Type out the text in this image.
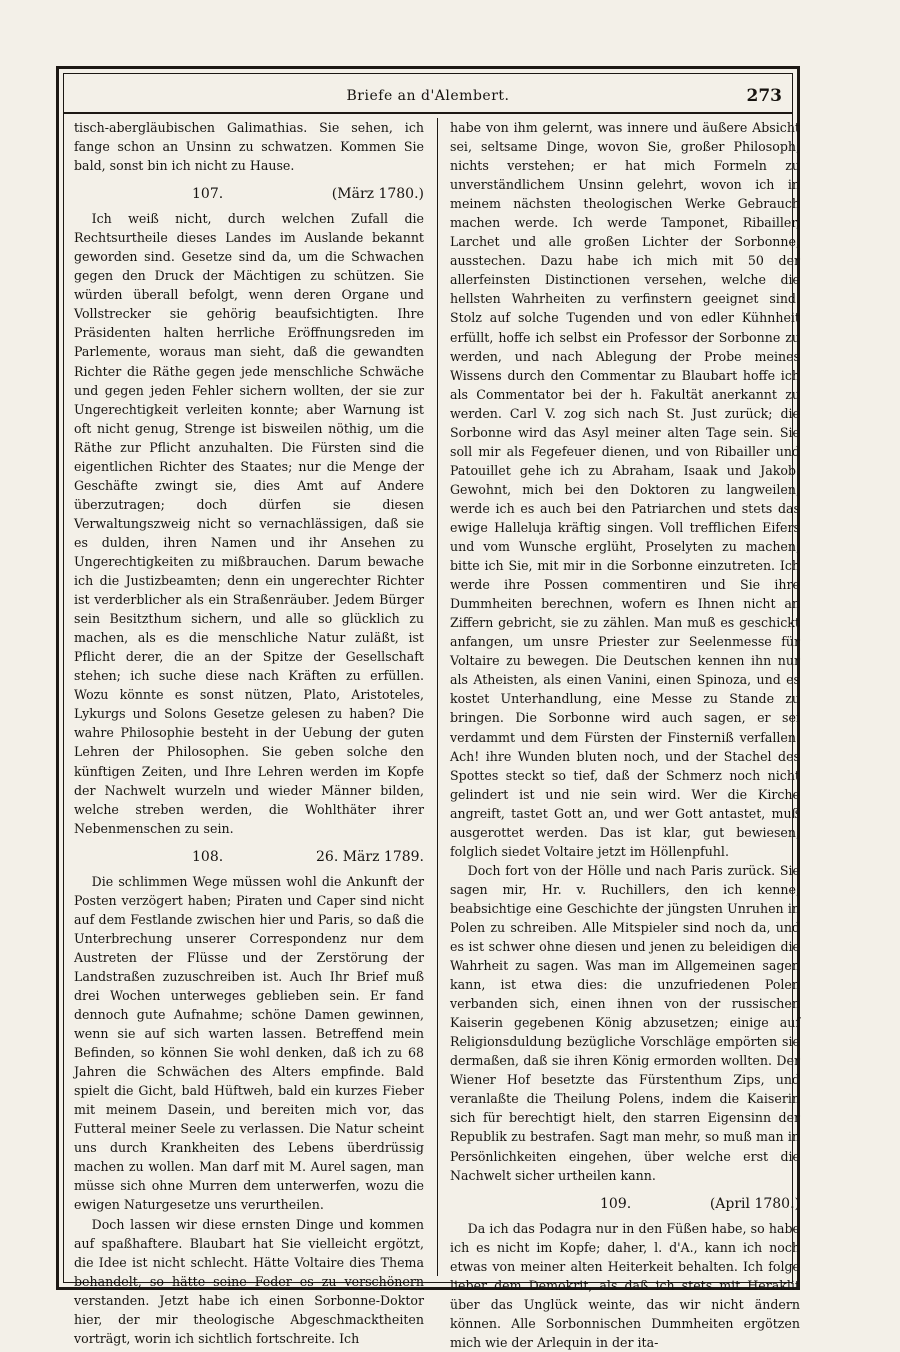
Briefe an d'Alembert.	273

tisch-abergläubischen Galimathias. Sie sehen, ich fange schon an Unsinn zu schwatzen. Kommen Sie bald, sonst bin ich nicht zu Hause.

107.	(März 1780.)

Ich weiß nicht, durch welchen Zufall die Rechtsurtheile dieses Landes im Auslande bekannt geworden sind. Gesetze sind da, um die Schwachen gegen den Druck der Mächtigen zu schützen. Sie würden überall befolgt, wenn deren Organe und Vollstrecker sie gehörig beaufsichtigten. Ihre Präsidenten halten herrliche Eröffnungsreden im Parlemente, woraus man sieht, daß die gewandten Richter die Räthe gegen jede menschliche Schwäche und gegen jeden Fehler sichern wollten, der sie zur Ungerechtigkeit verleiten konnte; aber Warnung ist oft nicht genug, Strenge ist bisweilen nöthig, um die Räthe zur Pflicht anzuhalten. Die Fürsten sind die eigentlichen Richter des Staates; nur die Menge der Geschäfte zwingt sie, dies Amt auf Andere überzutragen; doch dürfen sie diesen Verwaltungszweig nicht so vernachlässigen, daß sie es dulden, ihren Namen und ihr Ansehen zu Ungerechtigkeiten zu mißbrauchen. Darum bewache ich die Justizbeamten; denn ein ungerechter Richter ist verderblicher als ein Straßenräuber. Jedem Bürger sein Besitzthum sichern, und alle so glücklich zu machen, als es die menschliche Natur zuläßt, ist Pflicht derer, die an der Spitze der Gesellschaft stehen; ich suche diese nach Kräften zu erfüllen. Wozu könnte es sonst nützen, Plato, Aristoteles, Lykurgs und Solons Gesetze gelesen zu haben? Die wahre Philosophie besteht in der Uebung der guten Lehren der Philosophen. Sie geben solche den künftigen Zeiten, und Ihre Lehren werden im Kopfe der Nachwelt wurzeln und wieder Männer bilden, welche streben werden, die Wohlthäter ihrer Nebenmenschen zu sein.

108.	26. März 1789.

Die schlimmen Wege müssen wohl die Ankunft der Posten verzögert haben; Piraten und Caper sind nicht auf dem Festlande zwischen hier und Paris, so daß die Unterbrechung unserer Correspondenz nur dem Austreten der Flüsse und der Zerstörung der Landstraßen zuzuschreiben ist. Auch Ihr Brief muß drei Wochen unterweges geblieben sein. Er fand dennoch gute Aufnahme; schöne Damen gewinnen, wenn sie auf sich warten lassen. Betreffend mein Befinden, so können Sie wohl denken, daß ich zu 68 Jahren die Schwächen des Alters empfinde. Bald spielt die Gicht, bald Hüftweh, bald ein kurzes Fieber mit meinem Dasein, und bereiten mich vor, das Futteral meiner Seele zu verlassen. Die Natur scheint uns durch Krankheiten des Lebens überdrüssig machen zu wollen. Man darf mit M. Aurel sagen, man müsse sich ohne Murren dem unterwerfen, wozu die ewigen Naturgesetze uns verurtheilen.

Doch lassen wir diese ernsten Dinge und kommen auf spaßhaftere. Blaubart hat Sie vielleicht ergötzt, die Idee ist nicht schlecht. Hätte Voltaire dies Thema behandelt, so hätte seine Feder es zu verschönern verstanden. Jetzt habe ich einen Sorbonne-Doktor hier, der mir theologische Abgeschmacktheiten vorträgt, worin ich sichtlich fortschreite. Ich

habe von ihm gelernt, was innere und äußere Absicht sei, seltsame Dinge, wovon Sie, großer Philosoph, nichts verstehen; er hat mich Formeln zu unverständlichem Unsinn gelehrt, wovon ich in meinem nächsten theologischen Werke Gebrauch machen werde. Ich werde Tamponet, Ribailler, Larchet und alle großen Lichter der Sorbonne, ausstechen. Dazu habe ich mich mit 50 der allerfeinsten Distinctionen versehen, welche die hellsten Wahrheiten zu verfinstern geeignet sind. Stolz auf solche Tugenden und von edler Kühnheit erfüllt, hoffe ich selbst ein Professor der Sorbonne zu werden, und nach Ablegung der Probe meines Wissens durch den Commentar zu Blaubart hoffe ich als Commentator bei der h. Fakultät anerkannt zu werden. Carl V. zog sich nach St. Just zurück; die Sorbonne wird das Asyl meiner alten Tage sein. Sie soll mir als Fegefeuer dienen, und von Ribailler und Patouillet gehe ich zu Abraham, Isaak und Jakob. Gewohnt, mich bei den Doktoren zu langweilen, werde ich es auch bei den Patriarchen und stets das ewige Halleluja kräftig singen. Voll trefflichen Eifers und vom Wunsche erglüht, Proselyten zu machen, bitte ich Sie, mit mir in die Sorbonne einzutreten. Ich werde ihre Possen commentiren und Sie ihre Dummheiten berechnen, wofern es Ihnen nicht an Ziffern gebricht, sie zu zählen. Man muß es geschickt anfangen, um unsre Priester zur Seelenmesse für Voltaire zu bewegen. Die Deutschen kennen ihn nur als Atheisten, als einen Vanini, einen Spinoza, und es kostet Unterhandlung, eine Messe zu Stande zu bringen. Die Sorbonne wird auch sagen, er sei verdammt und dem Fürsten der Finsterniß verfallen. Ach! ihre Wunden bluten noch, und der Stachel des Spottes steckt so tief, daß der Schmerz noch nicht gelindert ist und nie sein wird. Wer die Kirche angreift, tastet Gott an, und wer Gott antastet, muß ausgerottet werden. Das ist klar, gut bewiesen, folglich siedet Voltaire jetzt im Höllenpfuhl.

Doch fort von der Hölle und nach Paris zurück. Sie sagen mir, Hr. v. Ruchillers, den ich kenne, beabsichtige eine Geschichte der jüngsten Unruhen in Polen zu schreiben. Alle Mitspieler sind noch da, und es ist schwer ohne diesen und jenen zu beleidigen die Wahrheit zu sagen. Was man im Allgemeinen sagen kann, ist etwa dies: die unzufriedenen Polen verbanden sich, einen ihnen von der russischen Kaiserin gegebenen König abzusetzen; einige auf Religionsduldung bezügliche Vorschläge empörten sie dermaßen, daß sie ihren König ermorden wollten. Der Wiener Hof besetzte das Fürstenthum Zips, und veranlaßte die Theilung Polens, indem die Kaiserin sich für berechtigt hielt, den starren Eigensinn der Republik zu bestrafen. Sagt man mehr, so muß man in Persönlichkeiten eingehen, über welche erst die Nachwelt sicher urtheilen kann.

109.	(April 1780.)

Da ich das Podagra nur in den Füßen habe, so habe ich es nicht im Kopfe; daher, l. d'A., kann ich noch etwas von meiner alten Heiterkeit behalten. Ich folge lieber dem Demokrit, als daß ich stets mit Heraklit über das Unglück weinte, das wir nicht ändern können. Alle Sorbonnischen Dummheiten ergötzen mich wie der Arlequin in der ita-
